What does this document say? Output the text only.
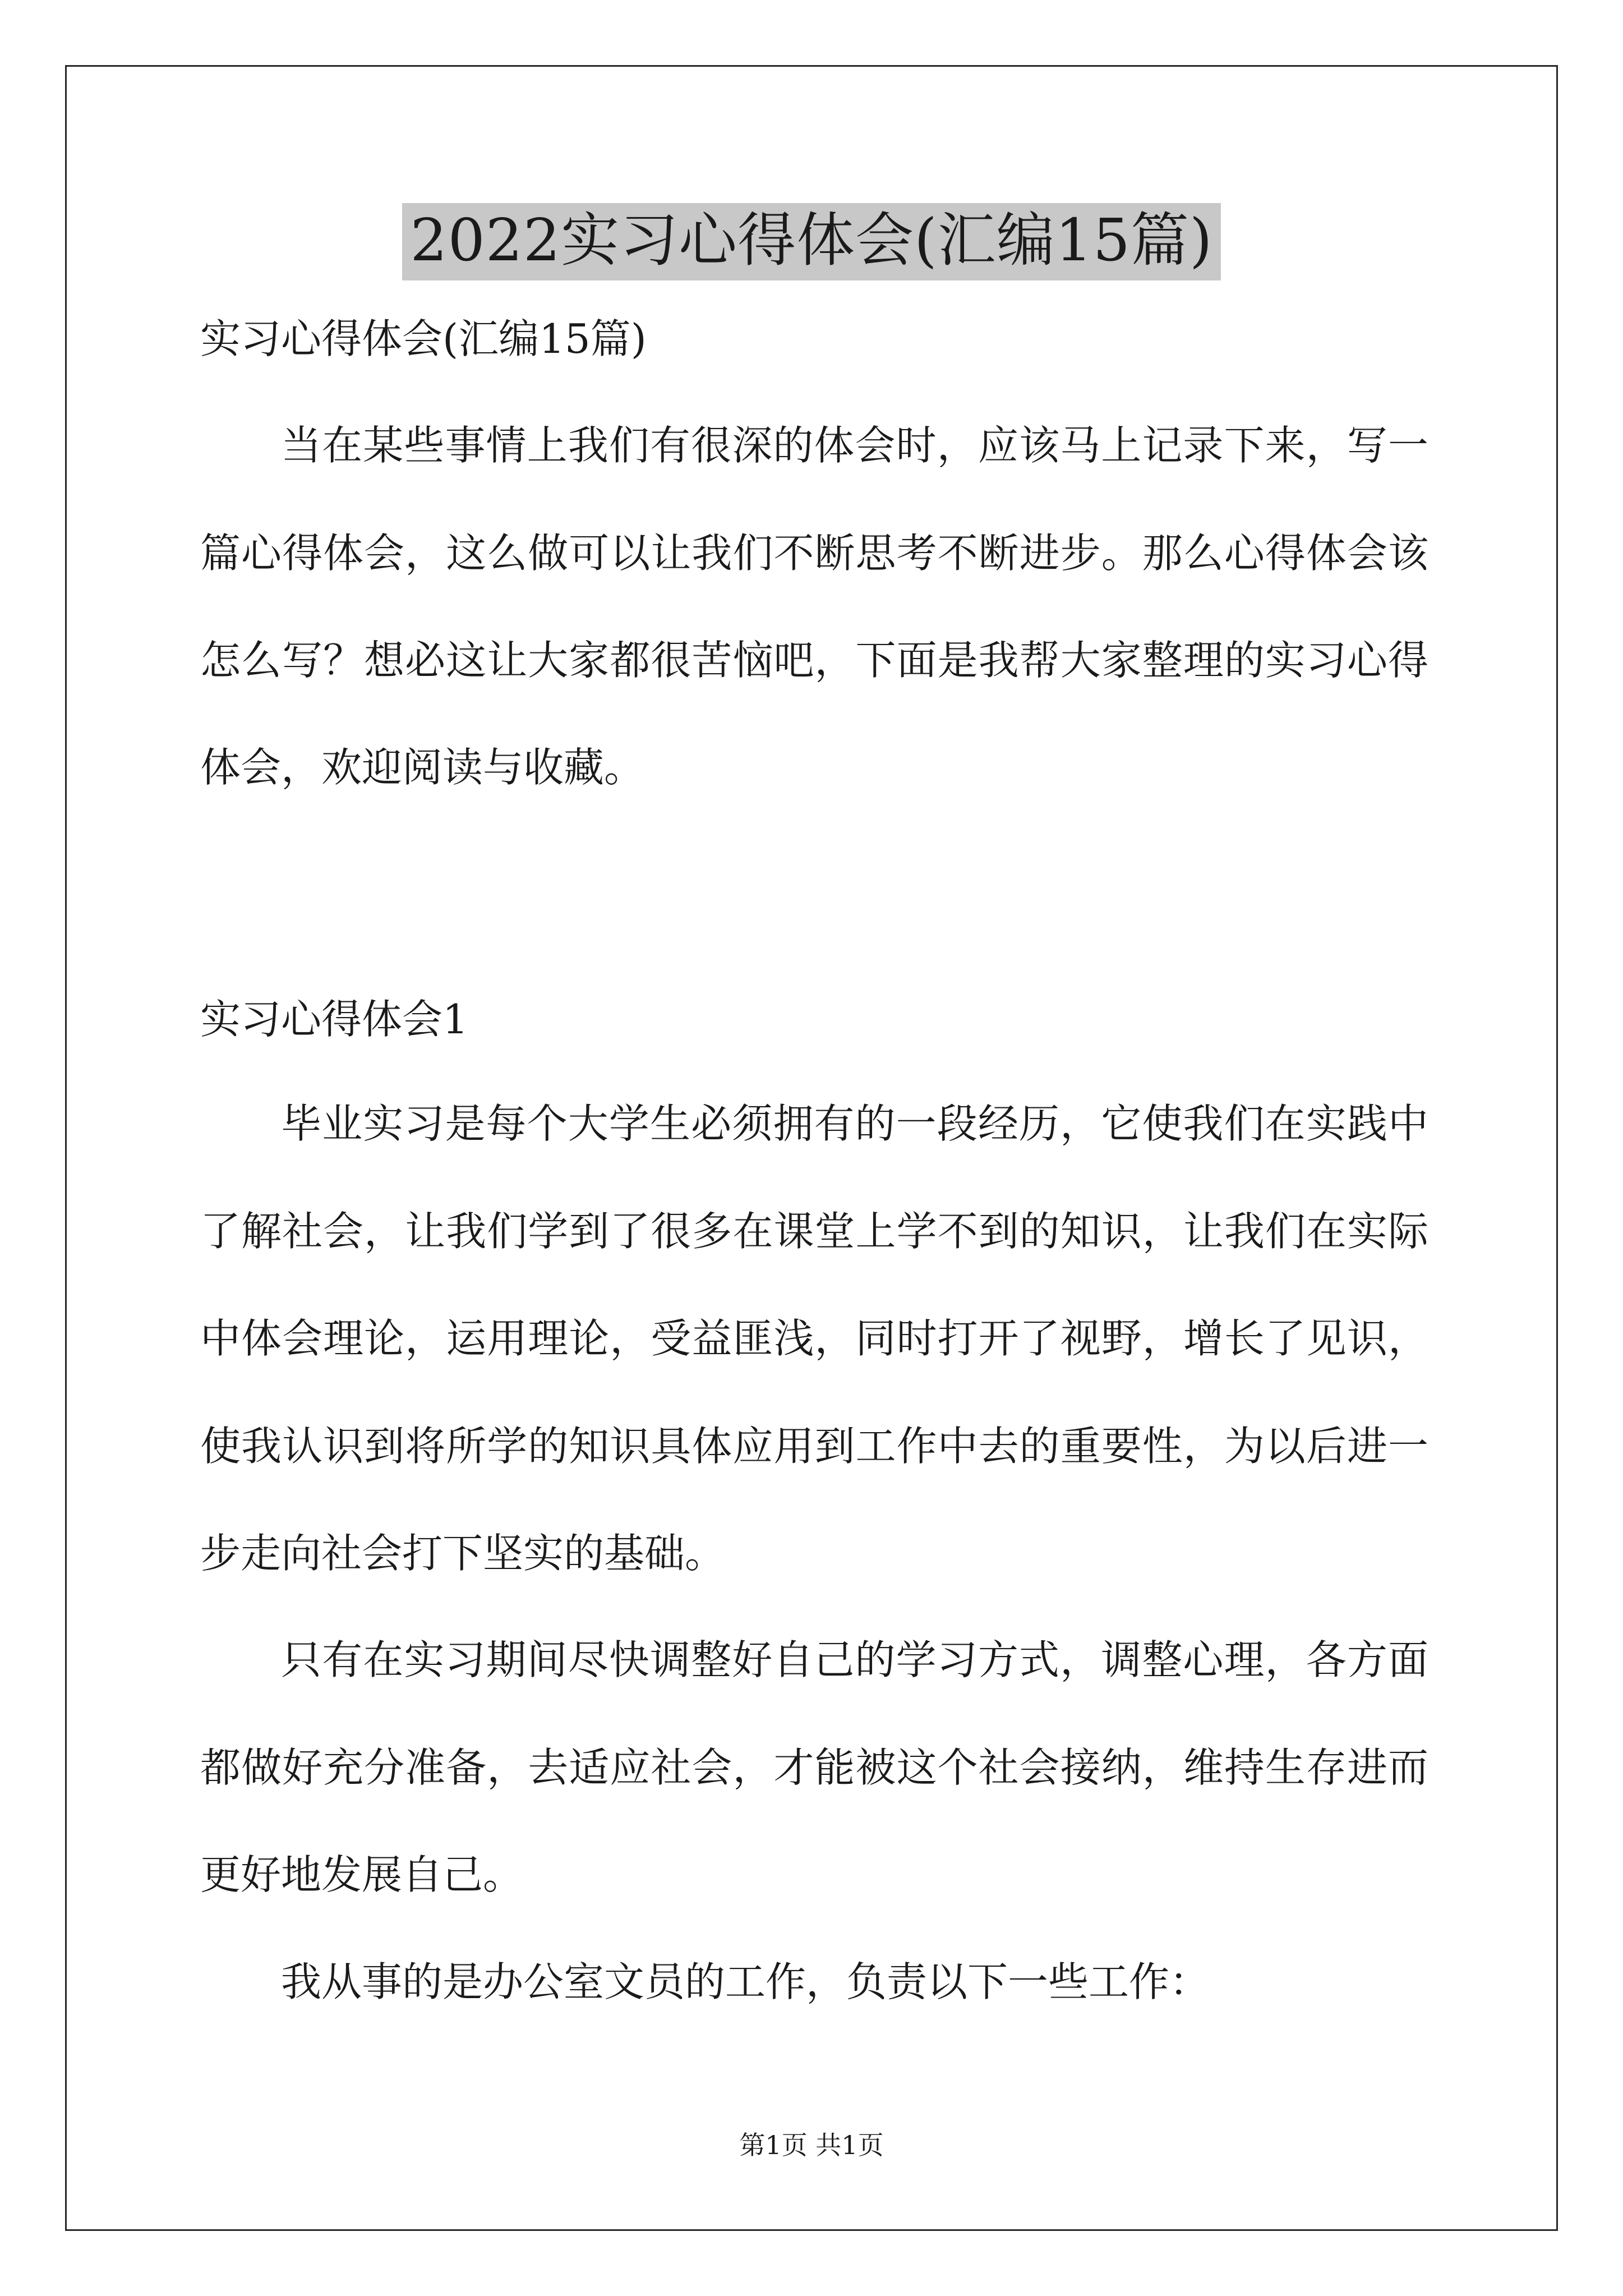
2022实习心得体会(汇编15篇)
实习心得体会(汇编15篇)
当在某些事情上我们有很深的体会时，应该马上记录下来，写一
篇心得体会，这么做可以让我们不断思考不断进步。那么心得体会该
怎么写？想必这让大家都很苦恼吧，下面是我帮大家整理的实习心得
体会，欢迎阅读与收藏。
实习心得体会1
毕业实习是每个大学生必须拥有的一段经历，它使我们在实践中
了解社会，让我们学到了很多在课堂上学不到的知识，让我们在实际
中体会理论，运用理论，受益匪浅，同时打开了视野，增长了见识，
使我认识到将所学的知识具体应用到工作中去的重要性，为以后进一
步走向社会打下坚实的基础。
只有在实习期间尽快调整好自己的学习方式，调整心理，各方面
都做好充分准备，去适应社会，才能被这个社会接纳，维持生存进而
更好地发展自己。
我从事的是办公室文员的工作，负责以下一些工作：
第1页 共1页
